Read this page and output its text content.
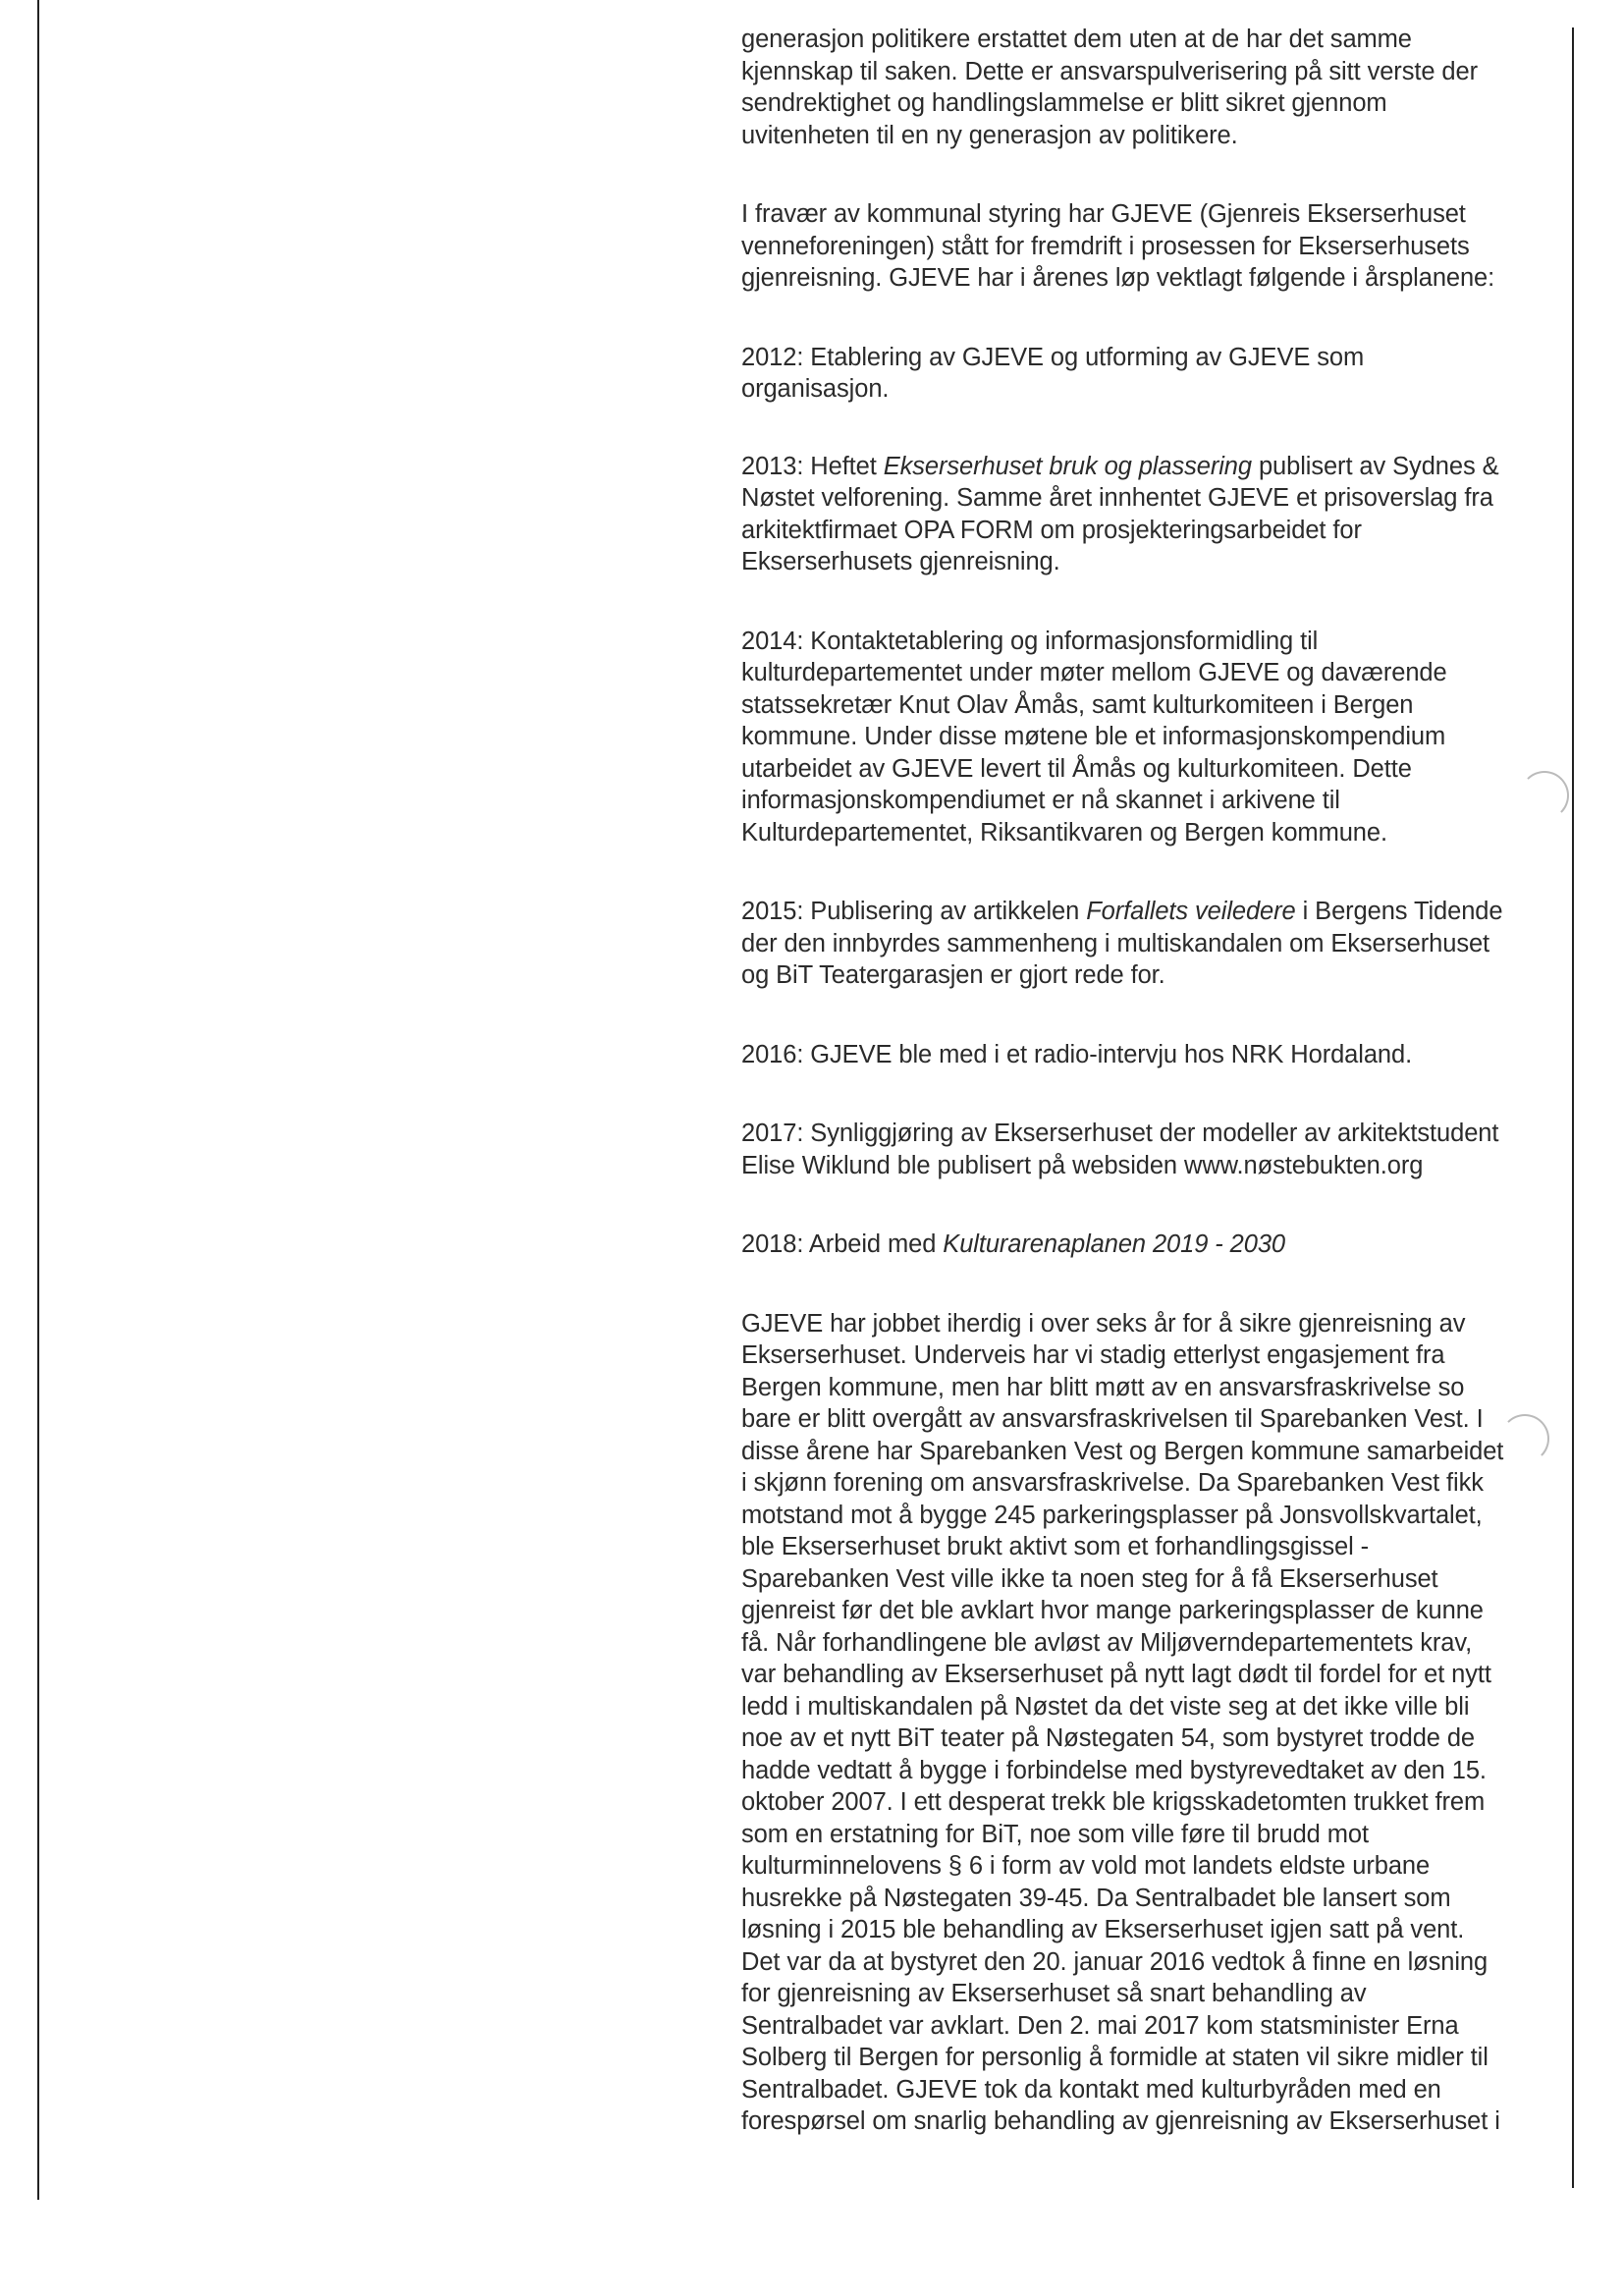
generasjon politikere erstattet dem uten at de har det samme
kjennskap til saken. Dette er ansvarspulverisering på sitt verste der
sendrektighet og handlingslammelse er blitt sikret gjennom
uvitenheten til en ny generasjon av politikere.

I fravær av kommunal styring har GJEVE (Gjenreis Ekserserhuset
venneforeningen) stått for fremdrift i prosessen for Ekserserhusets
gjenreisning. GJEVE har i årenes løp vektlagt følgende i årsplanene:

2012: Etablering av GJEVE og utforming av GJEVE som
organisasjon.

2013: Heftet Ekserserhuset bruk og plassering publisert av Sydnes &
Nøstet velforening. Samme året innhentet GJEVE et prisoverslag fra
arkitektfirmaet OPA FORM om prosjekteringsarbeidet for
Ekserserhusets gjenreisning.

2014: Kontaktetablering og informasjonsformidling til
kulturdepartementet under møter mellom GJEVE og daværende
statssekretær Knut Olav Åmås, samt kulturkomiteen i Bergen
kommune. Under disse møtene ble et informasjonskompendium
utarbeidet av GJEVE levert til Åmås og kulturkomiteen. Dette
informasjonskompendiumet er nå skannet i arkivene til
Kulturdepartementet, Riksantikvaren og Bergen kommune.

2015: Publisering av artikkelen Forfallets veiledere i Bergens Tidende
der den innbyrdes sammenheng i multiskandalen om Ekserserhuset
og BiT Teatergarasjen er gjort rede for.

2016: GJEVE ble med i et radio-intervju hos NRK Hordaland.

2017: Synliggjøring av Ekserserhuset der modeller av arkitektstudent
Elise Wiklund ble publisert på websiden www.nøstebukten.org

2018: Arbeid med Kulturarenaplanen 2019 - 2030

GJEVE har jobbet iherdig i over seks år for å sikre gjenreisning av
Ekserserhuset. Underveis har vi stadig etterlyst engasjement fra
Bergen kommune, men har blitt møtt av en ansvarsfraskrivelse so
bare er blitt overgått av ansvarsfraskrivelsen til Sparebanken Vest. I
disse årene har Sparebanken Vest og Bergen kommune samarbeidet
i skjønn forening om ansvarsfraskrivelse. Da Sparebanken Vest fikk
motstand mot å bygge 245 parkeringsplasser på Jonsvollskvartalet,
ble Ekserserhuset brukt aktivt som et forhandlingsgissel -
Sparebanken Vest ville ikke ta noen steg for å få Ekserserhuset
gjenreist før det ble avklart hvor mange parkeringsplasser de kunne
få. Når forhandlingene ble avløst av Miljøverndepartementets krav,
var behandling av Ekserserhuset på nytt lagt dødt til fordel for et nytt
ledd i multiskandalen på Nøstet da det viste seg at det ikke ville bli
noe av et nytt BiT teater på Nøstegaten 54, som bystyret trodde de
hadde vedtatt å bygge i forbindelse med bystyrevedtaket av den 15.
oktober 2007. I ett desperat trekk ble krigsskadetomten trukket frem
som en erstatning for BiT, noe som ville føre til brudd mot
kulturminnelovens § 6 i form av vold mot landets eldste urbane
husrekke på Nøstegaten 39-45. Da Sentralbadet ble lansert som
løsning i 2015 ble behandling av Ekserserhuset igjen satt på vent.
Det var da at bystyret den 20. januar 2016 vedtok å finne en løsning
for gjenreisning av Ekserserhuset så snart behandling av
Sentralbadet var avklart. Den 2. mai 2017 kom statsminister Erna
Solberg til Bergen for personlig å formidle at staten vil sikre midler til
Sentralbadet. GJEVE tok da kontakt med kulturbyråden med en
forespørsel om snarlig behandling av gjenreisning av Ekserserhuset i
